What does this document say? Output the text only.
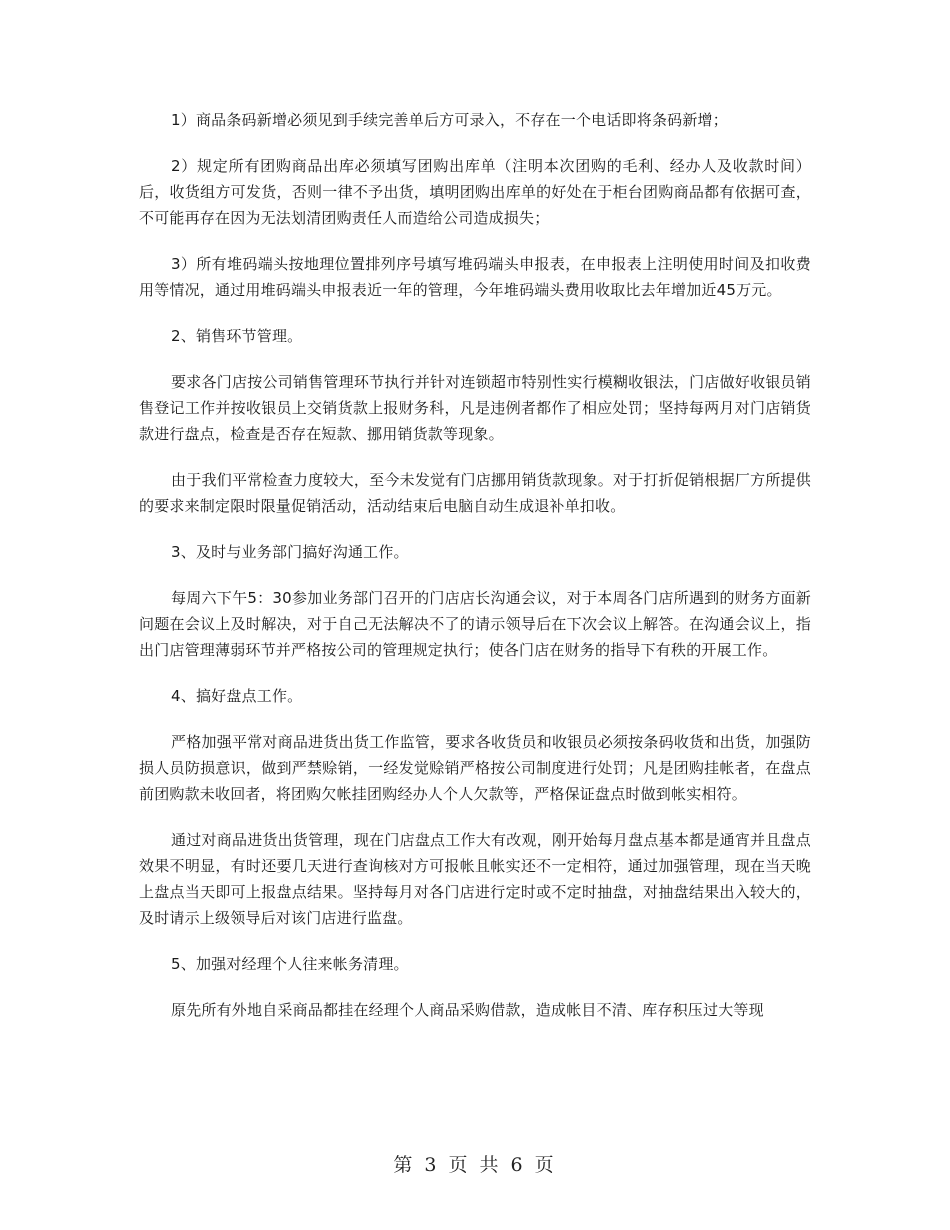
1）商品条码新增必须见到手续完善单后方可录入，不存在一个电话即将条码新增；

2）规定所有团购商品出库必须填写团购出库单（注明本次团购的毛利、经办人及收款时间）后，收货组方可发货，否则一律不予出货，填明团购出库单的好处在于柜台团购商品都有依据可查，不可能再存在因为无法划清团购责任人而造给公司造成损失；

3）所有堆码端头按地理位置排列序号填写堆码端头申报表，在申报表上注明使用时间及扣收费用等情况，通过用堆码端头申报表近一年的管理，今年堆码端头费用收取比去年增加近45万元。

2、销售环节管理。

要求各门店按公司销售管理环节执行并针对连锁超市特别性实行模糊收银法，门店做好收银员销售登记工作并按收银员上交销货款上报财务科，凡是违例者都作了相应处罚；坚持每两月对门店销货款进行盘点，检查是否存在短款、挪用销货款等现象。

由于我们平常检查力度较大，至今未发觉有门店挪用销货款现象。对于打折促销根据厂方所提供的要求来制定限时限量促销活动，活动结束后电脑自动生成退补单扣收。

3、及时与业务部门搞好沟通工作。

每周六下午5：30参加业务部门召开的门店店长沟通会议，对于本周各门店所遇到的财务方面新问题在会议上及时解决，对于自己无法解决不了的请示领导后在下次会议上解答。在沟通会议上，指出门店管理薄弱环节并严格按公司的管理规定执行；使各门店在财务的指导下有秩的开展工作。

4、搞好盘点工作。

严格加强平常对商品进货出货工作监管，要求各收货员和收银员必须按条码收货和出货，加强防损人员防损意识，做到严禁赊销，一经发觉赊销严格按公司制度进行处罚；凡是团购挂帐者，在盘点前团购款未收回者，将团购欠帐挂团购经办人个人欠款等，严格保证盘点时做到帐实相符。

通过对商品进货出货管理，现在门店盘点工作大有改观，刚开始每月盘点基本都是通宵并且盘点效果不明显，有时还要几天进行查询核对方可报帐且帐实还不一定相符，通过加强管理，现在当天晚上盘点当天即可上报盘点结果。坚持每月对各门店进行定时或不定时抽盘，对抽盘结果出入较大的，及时请示上级领导后对该门店进行监盘。

5、加强对经理个人往来帐务清理。

原先所有外地自采商品都挂在经理个人商品采购借款，造成帐目不清、库存积压过大等现

第 3 页 共 6 页
